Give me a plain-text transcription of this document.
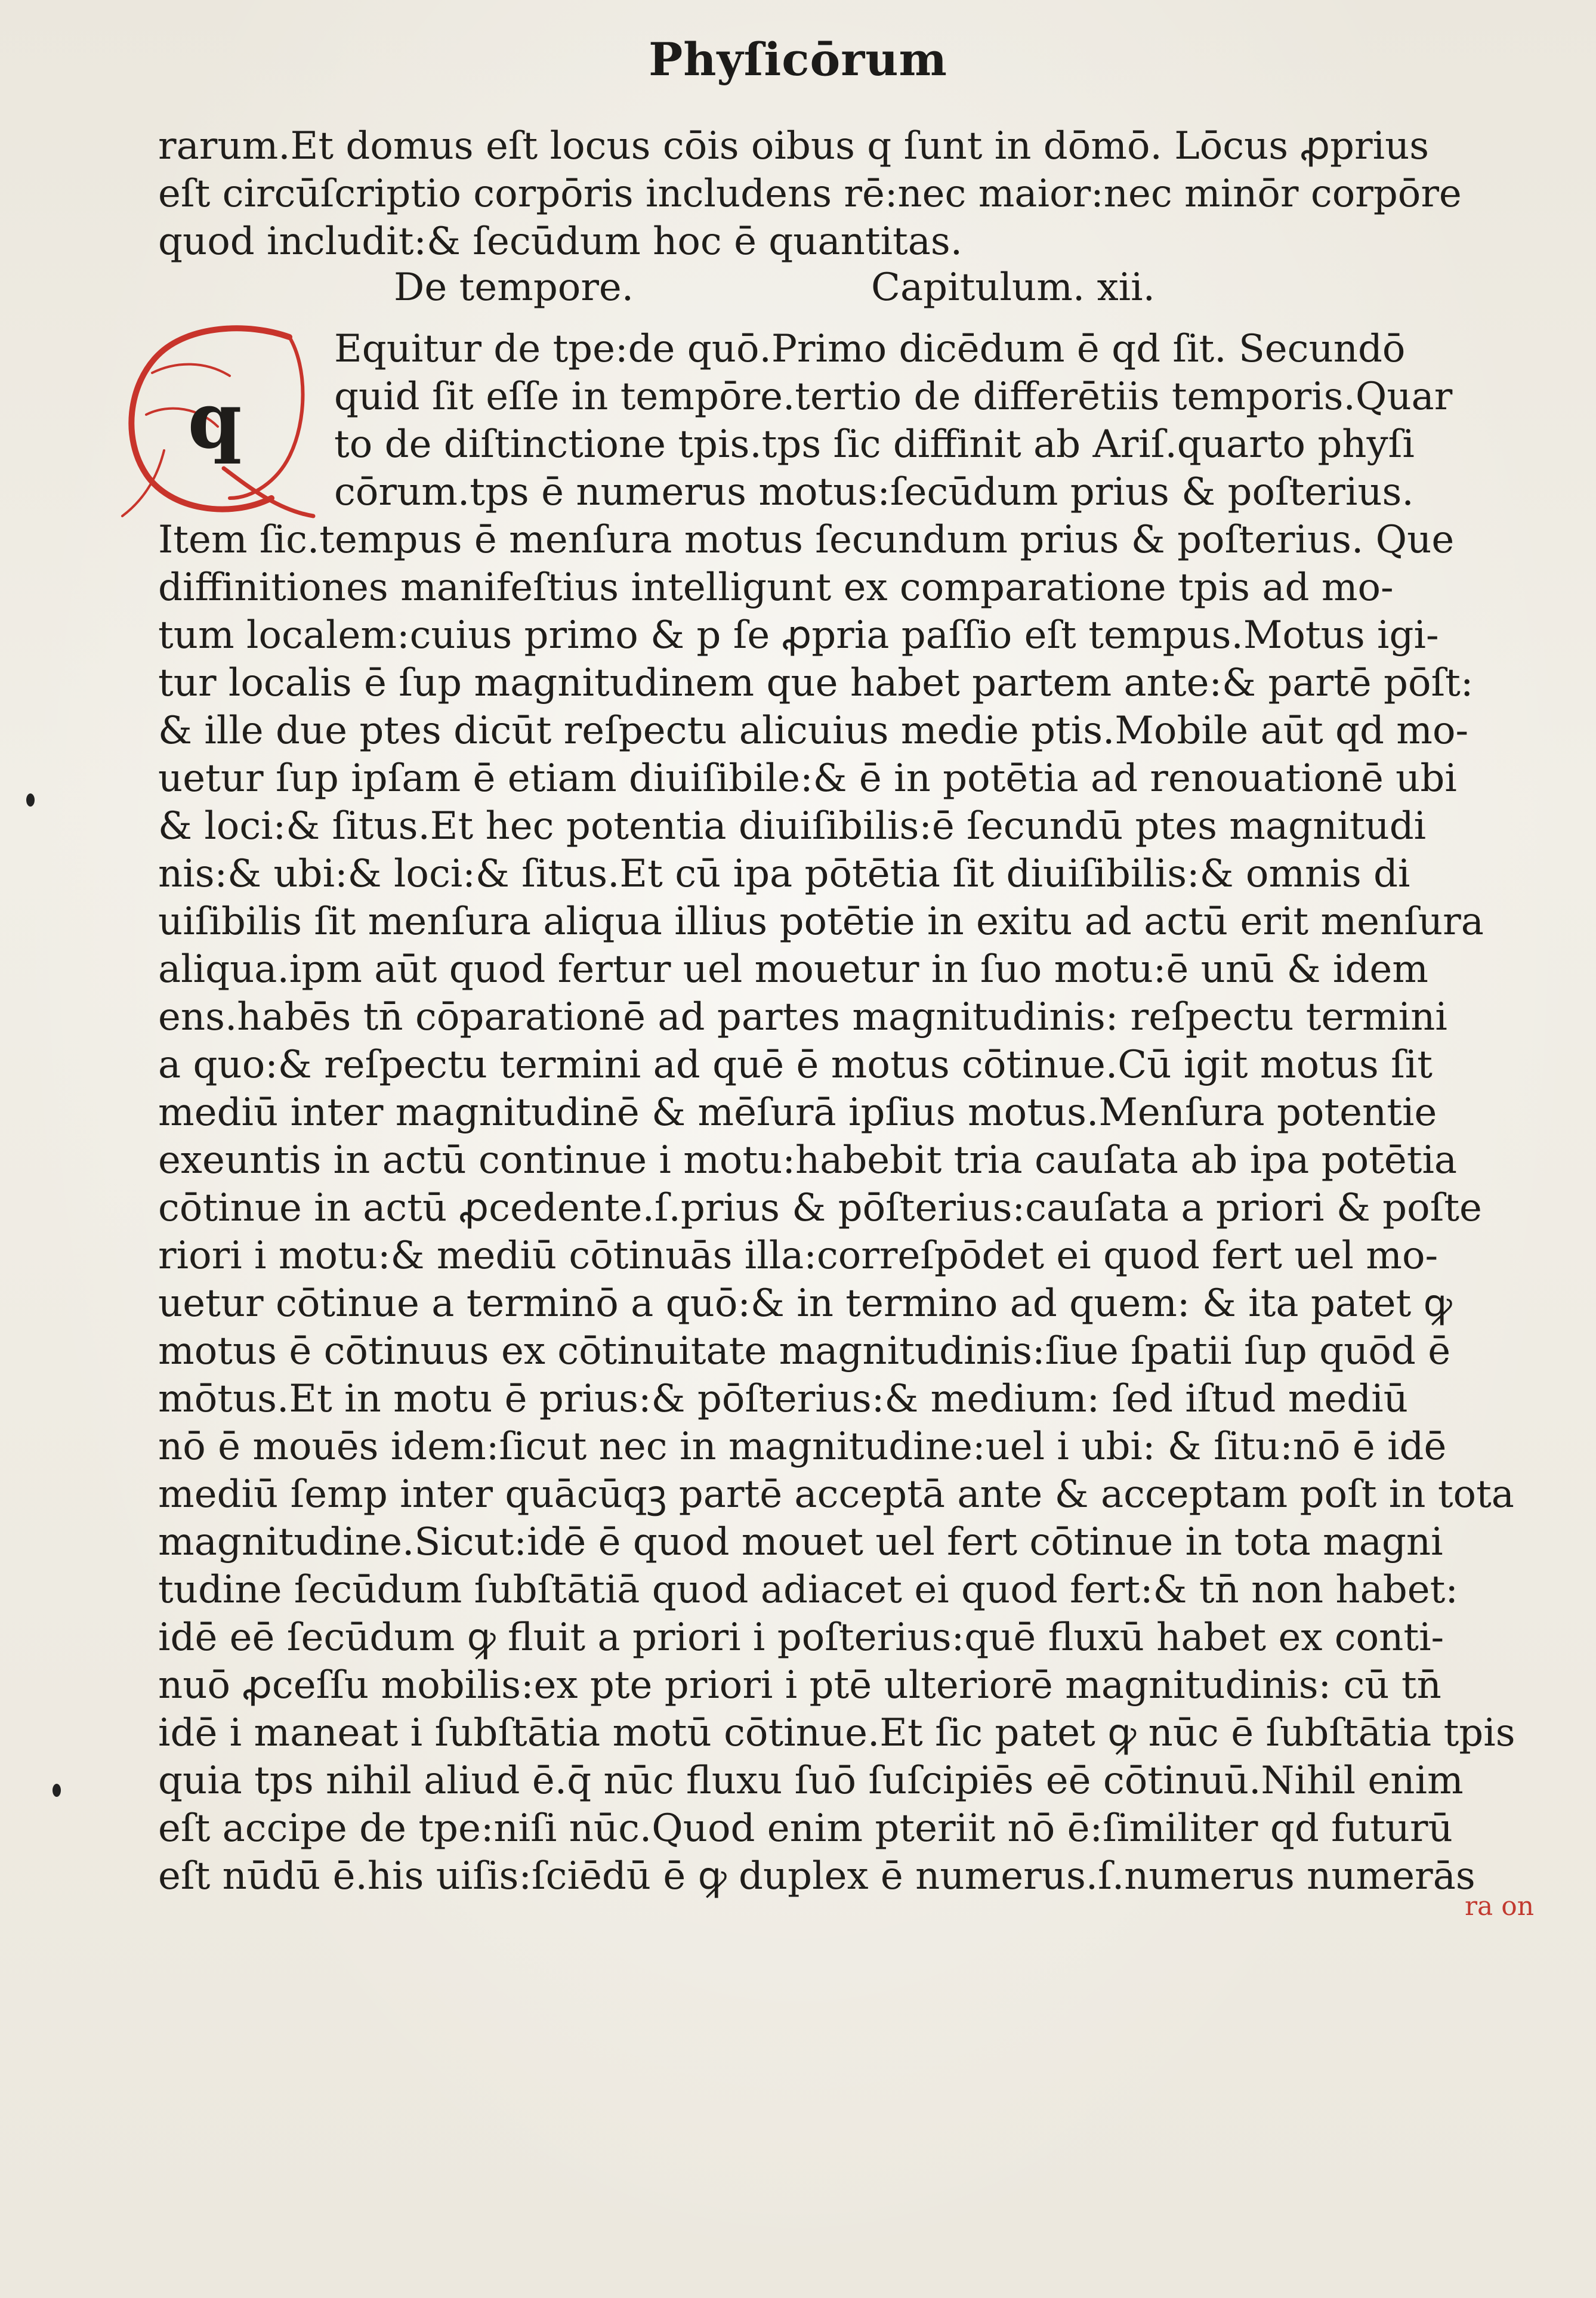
Phyſicōrum
rarum.Et domus eſt locus cōis oibus q ſunt in dōmō. Lōcus ꝓprius
eſt circūſcriptio corpōris includens rē:nec maior:nec minōr corpōre
quod includit:& ſecūdum hoc ē quantitas.
De tempore.	Capitulum. xii.
q
Equitur de tpe:de quō.Primo dicēdum ē qd ſit. Secundō
quid ſit eſſe in tempōre.tertio de differētiis temporis.Quar
to de diſtinctione tpis.tps ſic diffinit ab Ariſ.quarto phyſi
cōrum.tps ē numerus motus:ſecūdum prius & poſterius.
Item ſic.tempus ē menſura motus ſecundum prius & poſterius. Que
diffinitiones manifeſtius intelligunt ex comparatione tpis ad mo-
tum localem:cuius primo & p ſe ꝓpria paſſio eſt tempus.Motus igi-
tur localis ē ſup magnitudinem que habet partem ante:& partē pōſt:
& ille due ptes dicūt reſpectu alicuius medie ptis.Mobile aūt qd mo-
uetur ſup ipſam ē etiam diuiſibile:& ē in potētia ad renouationē ubi
& loci:& ſitus.Et hec potentia diuiſibilis:ē ſecundū ptes magnitudi
nis:& ubi:& loci:& ſitus.Et cū ipa pōtētia ſit diuiſibilis:& omnis di
uiſibilis ſit menſura aliqua illius potētie in exitu ad actū erit menſura
aliqua.ipm aūt quod fertur uel mouetur in ſuo motu:ē unū & idem
ens.habēs tn̄ cōparationē ad partes magnitudinis: reſpectu termini
a quo:& reſpectu termini ad quē ē motus cōtinue.Cū igit motus ſit
mediū inter magnitudinē & mēſurā ipſius motus.Menſura potentie
exeuntis in actū continue i motu:habebit tria cauſata ab ipa potētia
cōtinue in actū ꝓcedente.ſ.prius & pōſterius:cauſata a priori & poſte
riori i motu:& mediū cōtinuās illa:correſpōdet ei quod fert uel mo-
uetur cōtinue a terminō a quō:& in termino ad quem: & ita patet ꝙ
motus ē cōtinuus ex cōtinuitate magnitudinis:ſiue ſpatii ſup quōd ē
mōtus.Et in motu ē prius:& pōſterius:& medium: ſed iſtud mediū
nō ē mouēs idem:ſicut nec in magnitudine:uel i ubi: & ſitu:nō ē idē
mediū ſemp inter quācūqꝫ partē acceptā ante & acceptam poſt in tota
magnitudine.Sicut:idē ē quod mouet uel fert cōtinue in tota magni
tudine ſecūdum ſubſtātiā quod adiacet ei quod fert:& tn̄ non habet:
idē eē ſecūdum ꝙ fluit a priori i poſterius:quē fluxū habet ex conti-
nuō ꝓceſſu mobilis:ex pte priori i ptē ulteriorē magnitudinis: cū tn̄
idē i maneat i ſubſtātia motū cōtinue.Et ſic patet ꝙ nūc ē ſubſtātia tpis
quia tps nihil aliud ē.q̄ nūc fluxu ſuō ſuſcipiēs eē cōtinuū.Nihil enim
eſt accipe de tpe:niſi nūc.Quod enim pteriit nō ē:ſimiliter qd futurū
eſt nūdū ē.his uiſis:ſciēdū ē ꝙ duplex ē numerus.ſ.numerus numerās
ra on
